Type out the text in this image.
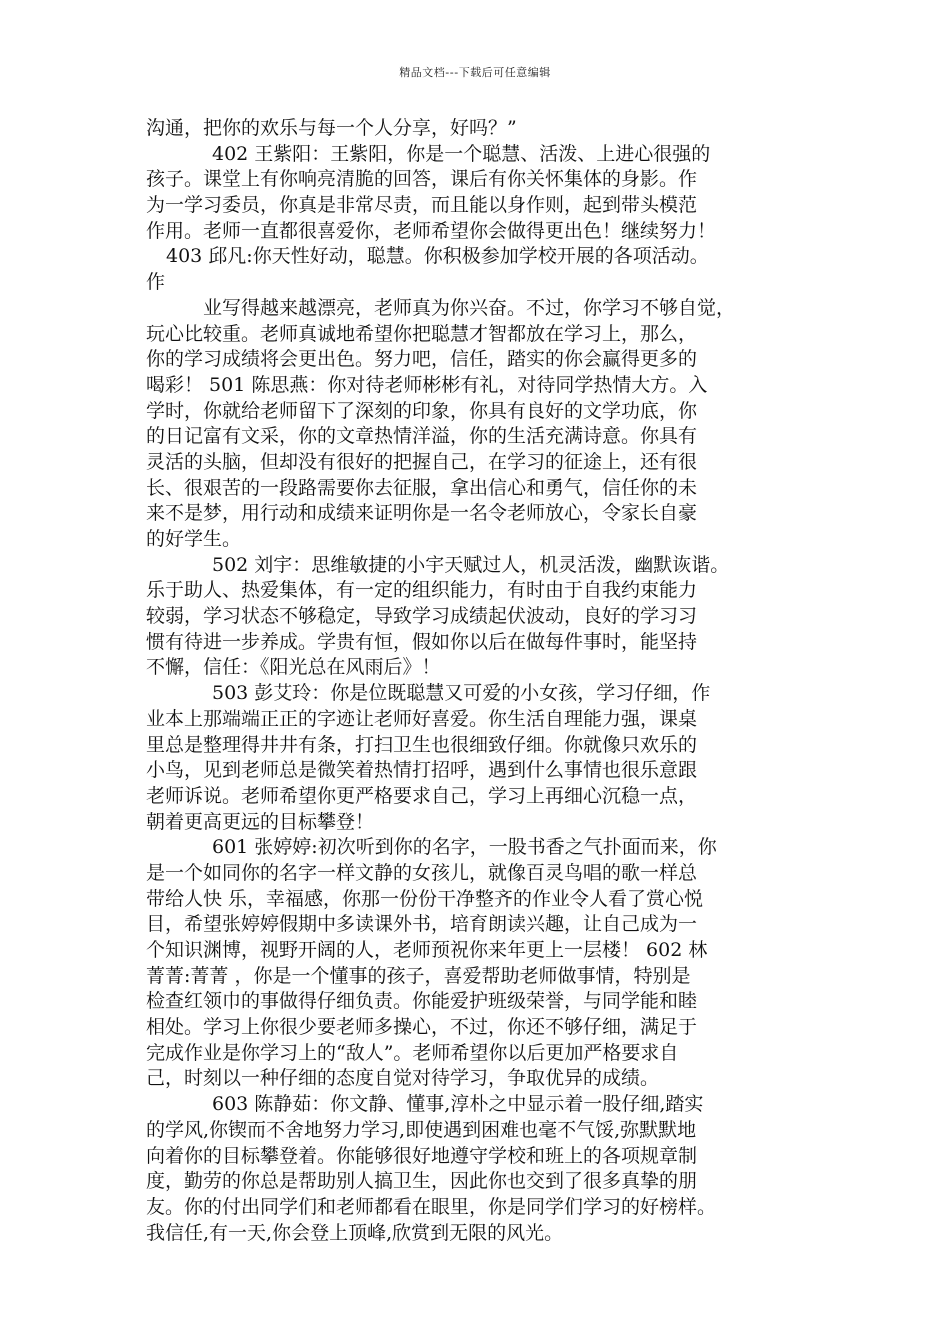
精品文档---下载后可任意编辑
沟通，把你的欢乐与每一个人分享，好吗？”
402 王紫阳：王紫阳，你是一个聪慧、活泼、上进心很强的
孩子。课堂上有你响亮清脆的回答，课后有你关怀集体的身影。作
为一学习委员，你真是非常尽责，而且能以身作则，起到带头模范
作用。老师一直都很喜爱你，老师希望你会做得更出色！继续努力！
403 邱凡:你天性好动，聪慧。你积极参加学校开展的各项活动。
作
业写得越来越漂亮，老师真为你兴奋。不过，你学习不够自觉，
玩心比较重。老师真诚地希望你把聪慧才智都放在学习上，那么，
你的学习成绩将会更出色。努力吧，信任，踏实的你会赢得更多的
喝彩！ 501 陈思燕：你对待老师彬彬有礼，对待同学热情大方。入
学时，你就给老师留下了深刻的印象，你具有良好的文学功底，你
的日记富有文采，你的文章热情洋溢，你的生活充满诗意。你具有
灵活的头脑，但却没有很好的把握自己，在学习的征途上，还有很
长、很艰苦的一段路需要你去征服，拿出信心和勇气，信任你的未
来不是梦，用行动和成绩来证明你是一名令老师放心，令家长自豪
的好学生。
502 刘宇：思维敏捷的小宇天赋过人，机灵活泼，幽默诙谐。
乐于助人、热爱集体，有一定的组织能力，有时由于自我约束能力
较弱，学习状态不够稳定，导致学习成绩起伏波动，良好的学习习
惯有待进一步养成。学贵有恒，假如你以后在做每件事时，能坚持
不懈，信任：《阳光总在风雨后》！
503 彭艾玲：你是位既聪慧又可爱的小女孩，学习仔细，作
业本上那端端正正的字迹让老师好喜爱。你生活自理能力强，课桌
里总是整理得井井有条，打扫卫生也很细致仔细。你就像只欢乐的
小鸟，见到老师总是微笑着热情打招呼，遇到什么事情也很乐意跟
老师诉说。老师希望你更严格要求自己，学习上再细心沉稳一点，
朝着更高更远的目标攀登！
601 张婷婷:初次听到你的名字，一股书香之气扑面而来，你
是一个如同你的名字一样文静的女孩儿，就像百灵鸟唱的歌一样总
带给人快 乐，幸福感，你那一份份干净整齐的作业令人看了赏心悦
目，希望张婷婷假期中多读课外书，培育朗读兴趣，让自己成为一
个知识渊博，视野开阔的人，老师预祝你来年更上一层楼！ 602 林
菁菁:菁菁 ，你是一个懂事的孩子，喜爱帮助老师做事情，特别是
检查红领巾的事做得仔细负责。你能爱护班级荣誉，与同学能和睦
相处。学习上你很少要老师多操心，不过，你还不够仔细，满足于
完成作业是你学习上的“敌人”。老师希望你以后更加严格要求自
己，时刻以一种仔细的态度自觉对待学习，争取优异的成绩。
603 陈静茹：你文静、懂事,淳朴之中显示着一股仔细,踏实
的学风,你锲而不舍地努力学习,即使遇到困难也毫不气馁,弥默默地
向着你的目标攀登着。你能够很好地遵守学校和班上的各项规章制
度，勤劳的你总是帮助别人搞卫生，因此你也交到了很多真挚的朋
友。你的付出同学们和老师都看在眼里，你是同学们学习的好榜样。
我信任,有一天,你会登上顶峰,欣赏到无限的风光。
